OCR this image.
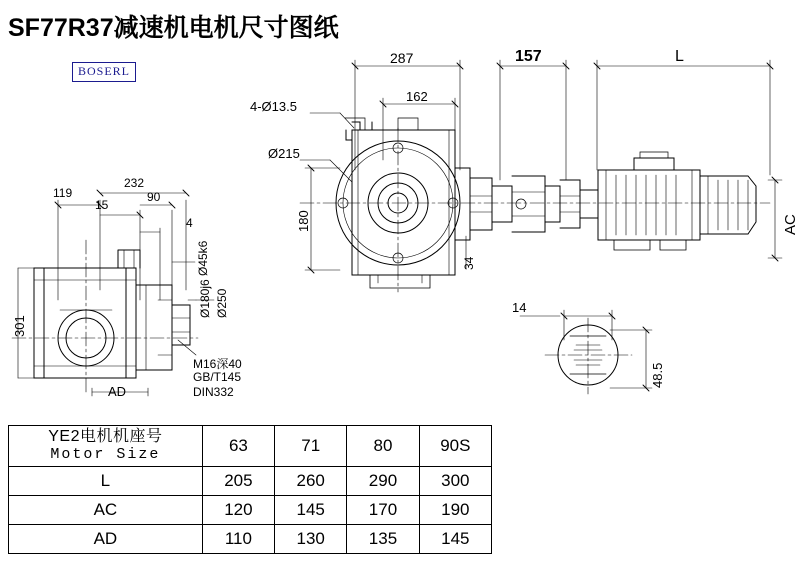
SF77R37减速机电机尺寸图纸
BOSERL
287
162
157	L
4-Ø13.5
Ø215
180
34
AC
14
48.5
119
232
15
90
4
Ø45k6
Ø180j6 Ø250
301
AD
M16深40
GB/T145
DIN332
YE2电机机座号
Motor Size	63	71	80	90S
L	205	260	290	300
AC	120	145	170	190
AD	110	130	135	145
